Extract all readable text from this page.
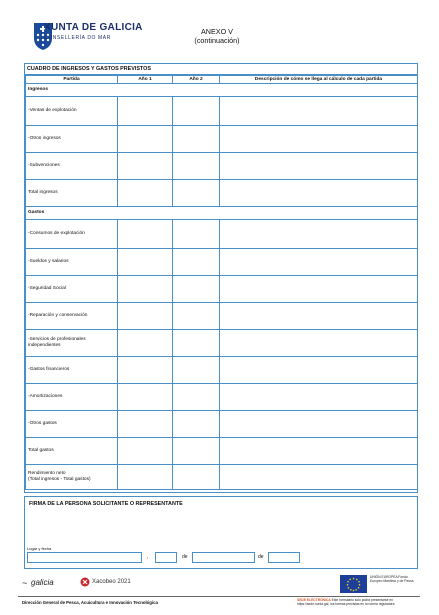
XUNTA DE GALICIA
CONSELLERÍA DO MAR
ANEXO V
(continuación)
CUADRO DE INGRESOS Y GASTOS PREVISTOS
Partida	Año 1	Año 2	Descripción de cómo se llega al cálculo de cada partida
Ingresos			
-Ventas de explotación			
-Otros ingresos			
-Subvenciones			
Total ingresos			
Gastos			
-Consumos de explotación			
-Sueldos y salarios			
-Seguridad Social			
-Reparación y conservación			
-Servicios de profesionales independientes			
-Gastos financieros			
-Amortizaciones			
-Otros gastos			
Total gastos			

Rendimiento neto
(Total ingresos - Total gastos)			

FIRMA DE LA PERSONA SOLICITANTE O REPRESENTANTE
Lugar y fecha
,	de	de
~ galicia	Xacobeo 2021
UNIÓN EUROPEA Fondo Europeo Marítimo y de Pesca
Dirección General de Pesca, Acuicultura e Innovación Tecnológica	SEDE ELECTRÓNICA Este formulario solo podrá presentarse en https://sede.xunta.gal, los formas previstas en la norma reguladora
